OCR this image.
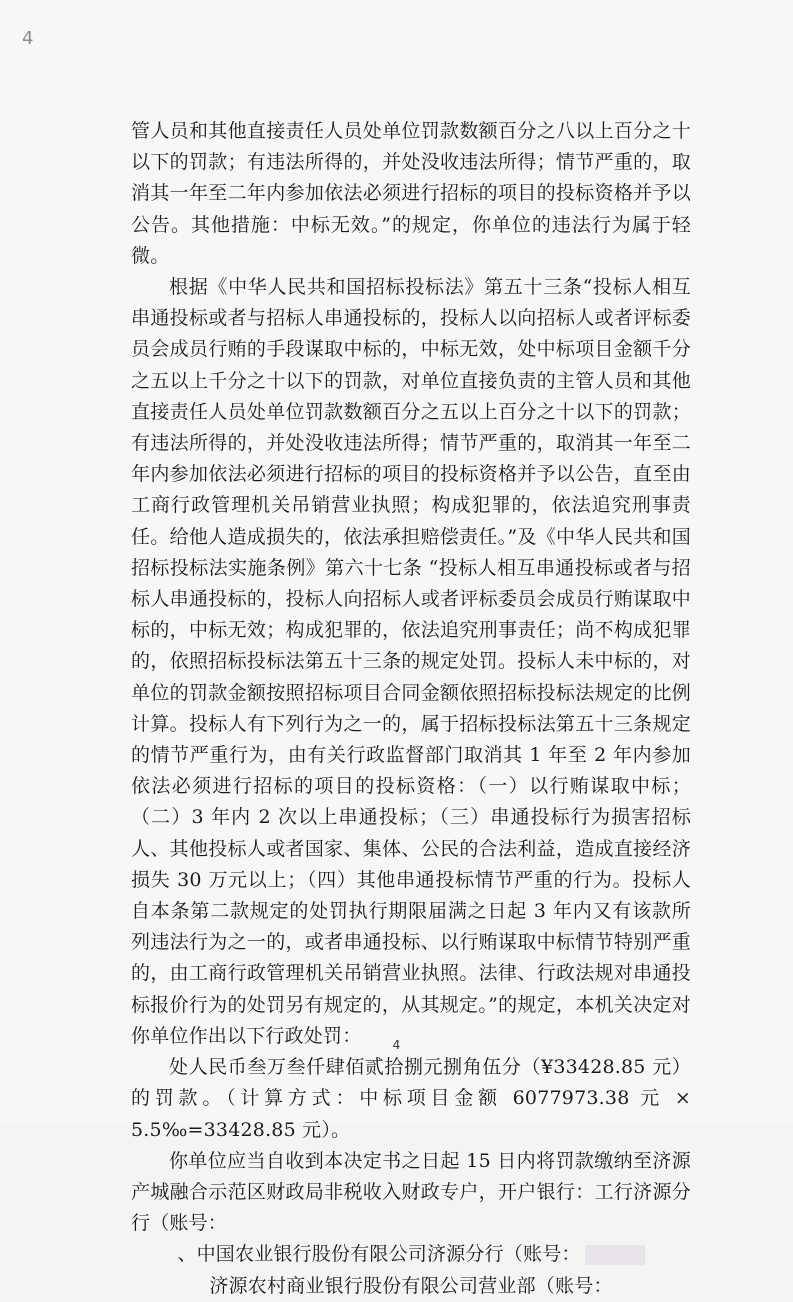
4

管人员和其他直接责任人员处单位罚款数额百分之八以上百分之十以下的罚款；有违法所得的，并处没收违法所得；情节严重的，取消其一年至二年内参加依法必须进行招标的项目的投标资格并予以公告。其他措施：中标无效。”的规定，你单位的违法行为属于轻微。

根据《中华人民共和国招标投标法》第五十三条“投标人相互串通投标或者与招标人串通投标的，投标人以向招标人或者评标委员会成员行贿的手段谋取中标的，中标无效，处中标项目金额千分之五以上千分之十以下的罚款，对单位直接负责的主管人员和其他直接责任人员处单位罚款数额百分之五以上百分之十以下的罚款；有违法所得的，并处没收违法所得；情节严重的，取消其一年至二年内参加依法必须进行招标的项目的投标资格并予以公告，直至由工商行政管理机关吊销营业执照；构成犯罪的，依法追究刑事责任。给他人造成损失的，依法承担赔偿责任。”及《中华人民共和国招标投标法实施条例》第六十七条 “投标人相互串通投标或者与招标人串通投标的，投标人向招标人或者评标委员会成员行贿谋取中标的，中标无效；构成犯罪的，依法追究刑事责任；尚不构成犯罪的，依照招标投标法第五十三条的规定处罚。投标人未中标的，对单位的罚款金额按照招标项目合同金额依照招标投标法规定的比例计算。投标人有下列行为之一的，属于招标投标法第五十三条规定的情节严重行为，由有关行政监督部门取消其 1 年至 2 年内参加依法必须进行招标的项目的投标资格：（一）以行贿谋取中标；（二）3 年内 2 次以上串通投标；（三）串通投标行为损害招标人、其他投标人或者国家、集体、公民的合法利益，造成直接经济损失 30 万元以上；（四）其他串通投标情节严重的行为。投标人自本条第二款规定的处罚执行期限届满之日起 3 年内又有该款所列违法行为之一的，或者串通投标、以行贿谋取中标情节特别严重的，由工商行政管理机关吊销营业执照。法律、行政法规对串通投标报价行为的处罚另有规定的，从其规定。”的规定，本机关决定对你单位作出以下行政处罚：

处人民币叁万叁仟肆佰贰拾捌元捌角伍分（¥33428.85 元）的罚款。（计算方式：中标项目金额 6077973.38 元 × 5.5‰=33428.85 元）。

你单位应当自收到本决定书之日起 15 日内将罚款缴纳至济源产城融合示范区财政局非税收入财政专户，开户银行：工行济源分行（账号：

、中国农业银行股份有限公司济源分行（账号：

济源农村商业银行股份有限公司营业部（账号：

4
